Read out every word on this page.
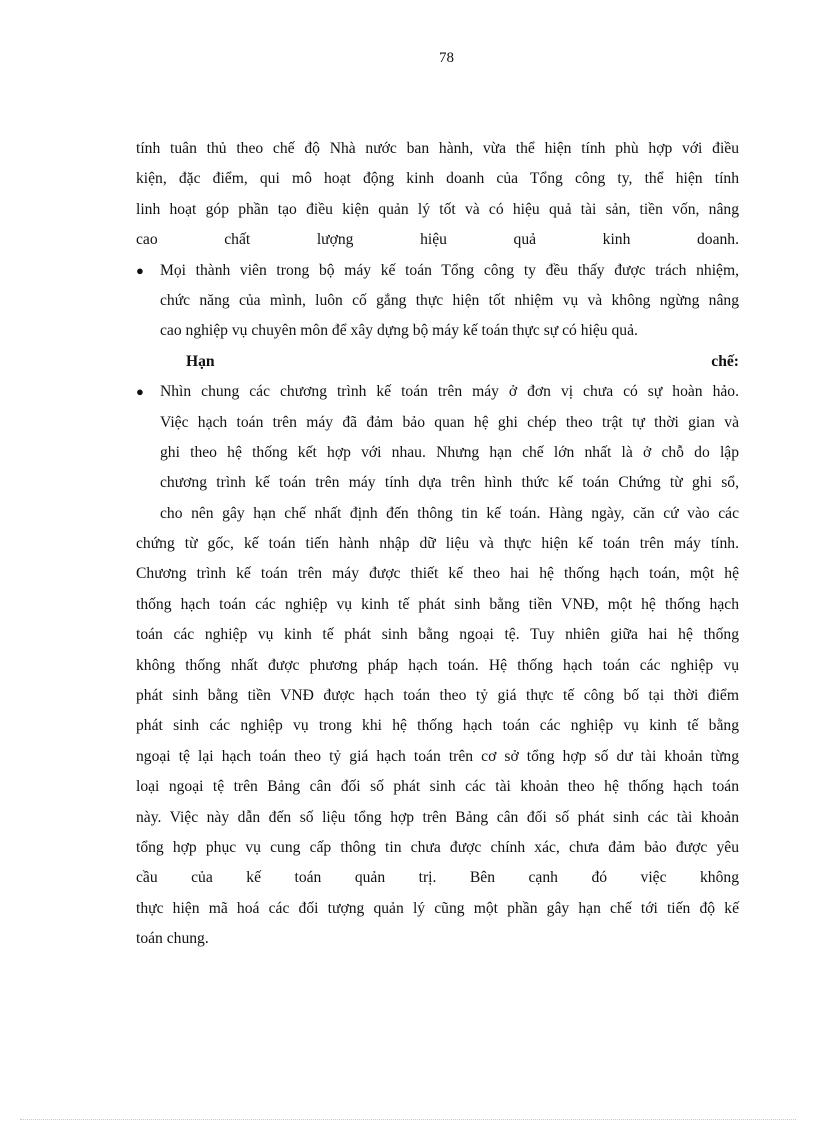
78
tính tuân thủ theo chế độ Nhà nước ban hành, vừa thể hiện tính phù hợp với điều
kiện, đặc điểm, qui mô hoạt động kinh doanh của Tổng công ty, thể hiện tính
linh hoạt góp phần tạo điều kiện quản lý tốt và có hiệu quả tài sản, tiền vốn, nâng
cao chất lượng hiệu quả kinh doanh.
● Mọi thành viên trong bộ máy kế toán Tổng công ty đều thấy được trách nhiệm,
chức năng của mình, luôn cố gắng thực hiện tốt nhiệm vụ và không ngừng nâng
cao nghiệp vụ chuyên môn để xây dựng bộ máy kế toán thực sự có hiệu quả.
Hạn chế:
● Nhìn chung các chương trình kế toán trên máy ở đơn vị chưa có sự hoàn hảo.
Việc hạch toán trên máy đã đảm bảo quan hệ ghi chép theo trật tự thời gian và
ghi theo hệ thống kết hợp với nhau. Nhưng hạn chế lớn nhất là ở chỗ do lập
chương trình kế toán trên máy tính dựa trên hình thức kế toán Chứng từ ghi sổ,
cho nên gây hạn chế nhất định đến thông tin kế toán. Hàng ngày, căn cứ vào các
chứng từ gốc, kế toán tiến hành nhập dữ liệu và thực hiện kế toán trên máy tính.
Chương trình kế toán trên máy được thiết kế theo hai hệ thống hạch toán, một hệ
thống hạch toán các nghiệp vụ kinh tế phát sinh bằng tiền VNĐ, một hệ thống hạch
toán các nghiệp vụ kinh tế phát sinh bằng ngoại tệ. Tuy nhiên giữa hai hệ thống
không thống nhất được phương pháp hạch toán. Hệ thống hạch toán các nghiệp vụ
phát sinh bằng tiền VNĐ được hạch toán theo tỷ giá thực tế công bố tại thời điểm
phát sinh các nghiệp vụ trong khi hệ thống hạch toán các nghiệp vụ kinh tế bằng
ngoại tệ lại hạch toán theo tỷ giá hạch toán trên cơ sở tổng hợp số dư tài khoản từng
loại ngoại tệ trên Bảng cân đối số phát sinh các tài khoản theo hệ thống hạch toán
này. Việc này dẫn đến số liệu tổng hợp trên Bảng cân đối số phát sinh các tài khoản
tổng hợp phục vụ cung cấp thông tin chưa được chính xác, chưa đảm bảo được yêu
cầu của kế toán quản trị. Bên cạnh đó việc không
thực hiện mã hoá các đối tượng quản lý cũng một phần gây hạn chế tới tiến độ kế
toán chung.
